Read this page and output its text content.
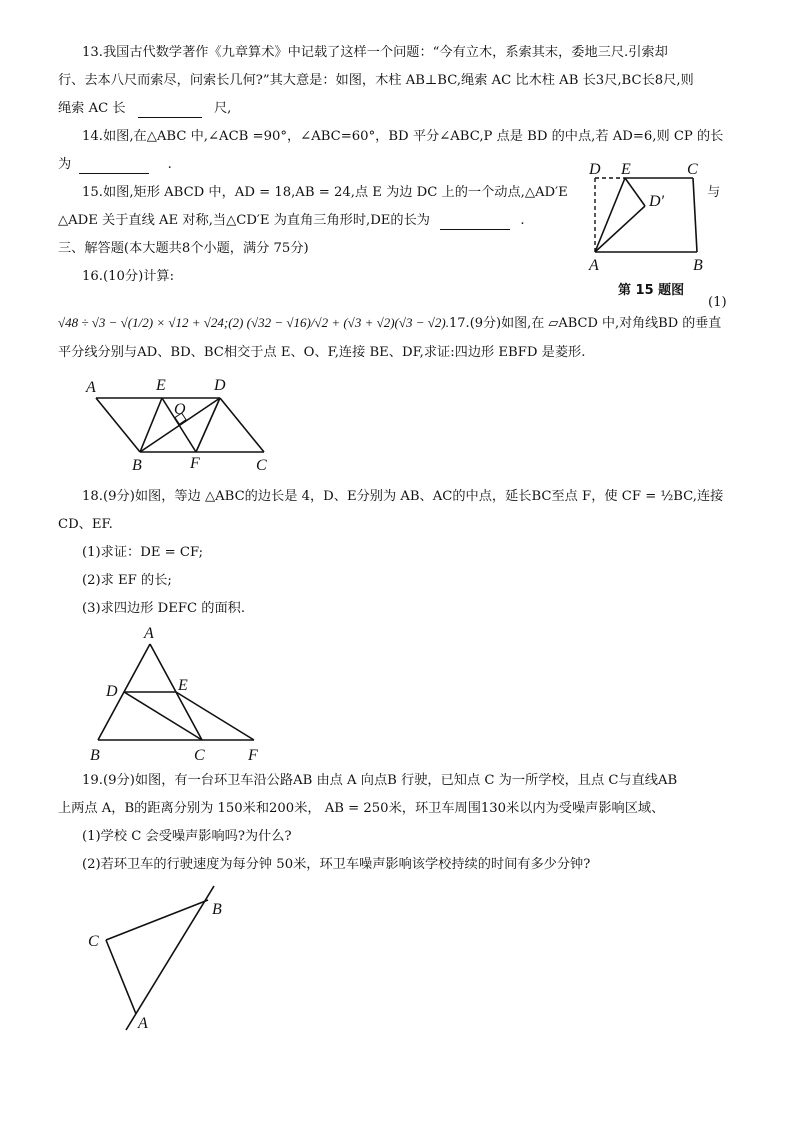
13.我国古代数学著作《九章算术》中记载了这样一个问题：“今有立木，系索其末，委地三尺.引索却
行、去本八尺而索尽，问索长几何?”其大意是：如图，木柱 AB⊥BC,绳索 AC 比木柱 AB 长3尺,BC长8尺,则
绳索 AC 长	尺,
14.如图,在△ABC 中,∠ACB =90°，∠ABC=60°，BD 平分∠ABC,P 点是 BD 的中点,若 AD=6,则 CP 的长
为	.
15.如图,矩形 ABCD 中，AD = 18,AB = 24,点 E 为边 DC 上的一个动点,△AD′E	与
△ADE 关于直线 AE 对称,当△CD′E 为直角三角形时,DE的长为	.
D E	C
D′
A	B
第 15 题图
三、解答题(本大题共8个小题，满分 75分)
16.(10分)计算:
(1)
√48 ÷ √3 − √(1/2) × √12 + √24;(2) (√32 − √16)/√2 + (√3 + √2)(√3 − √2).17.(9分)如图,在 ▱ABCD 中,对角线BD 的垂直
平分线分别与AD、BD、BC相交于点 E、O、F,连接 BE、DF,求证:四边形 EBFD 是菱形.
A	E	D
O
B	F	C
18.(9分)如图，等边 △ABC的边长是 4，D、E分别为 AB、AC的中点，延长BC至点 F，使 CF = ½BC,连接
CD、EF.
(1)求证：DE = CF;
(2)求 EF 的长;
(3)求四边形 DEFC 的面积.
A
D	E
B	C	F
19.(9分)如图，有一台环卫车沿公路AB 由点 A 向点B 行驶，已知点 C 为一所学校，且点 C与直线AB
上两点 A，B的距离分别为 150米和200米， AB = 250米，环卫车周围130米以内为受噪声影响区域、
(1)学校 C 会受噪声影响吗?为什么?
(2)若环卫车的行驶速度为每分钟 50米，环卫车噪声影响该学校持续的时间有多少分钟?
C
B
A
